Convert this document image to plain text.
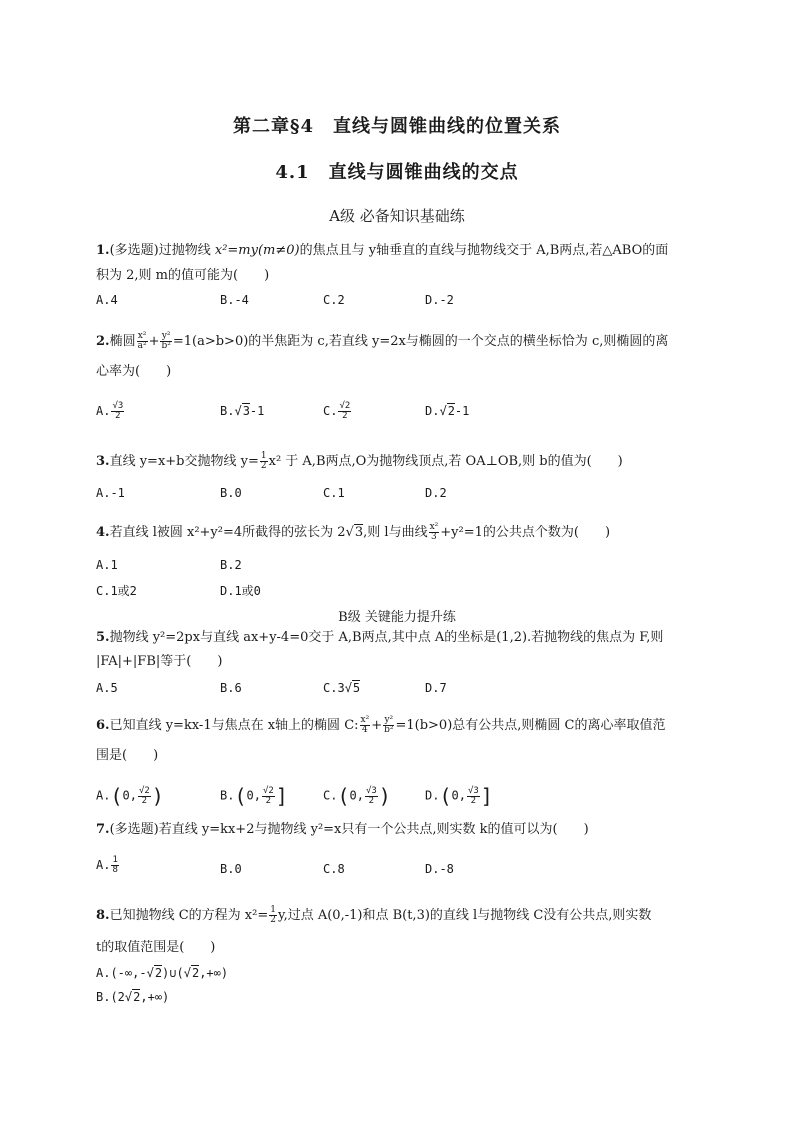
第二章§4　直线与圆锥曲线的位置关系
4.1　直线与圆锥曲线的交点
A级 必备知识基础练
1.(多选题)过抛物线 x²=my(m≠0)的焦点且与 y轴垂直的直线与抛物线交于 A,B两点,若△ABO的面
积为 2,则 m的值可能为(　　)
A.4	B.-4	C.2	D.-2
2.椭圆 $\frac{\text{x²}}{\text{a²}} + \frac{\text{y²}}{\text{b²}} =1(a>b>0)$的半焦距为 c,若直线 y=2x与椭圆的一个交点的横坐标恰为 c,则椭圆的离
心率为(　　)
A. $\frac{√3}{2}$	B.√3-1	C. $\frac{√2}{2}$	D.√2-1
3.直线 y=x+b交抛物线 $y= \frac{1}{2} x^2$ 于 A,B两点,O为抛物线顶点,若 OA⊥OB,则 b的值为(　　)
A.-1	B.0	C.1	D.2
4.若直线 l被圆 x²+y²=4所截得的弦长为 2√3,则 l与曲线 $\frac{\text{x²}}{3} +y^2=1$的公共点个数为(　　)
A.1	B.2
C.1或2	D.1或0
B级 关键能力提升练
5.抛物线 y²=2px与直线 ax+y-4=0交于 A,B两点,其中点 A的坐标是(1,2).若抛物线的焦点为 F,则
|FA|+|FB|等于(　　)
A.5	B.6	C.3√5	D.7
6.已知直线 y=kx-1与焦点在 x轴上的椭圆 C: $\frac{\text{x²}}{4} + \frac{\text{y²}}{\text{b²}} =1(b>0)$总有公共点,则椭圆 C的离心率取值范
围是(　　)
A.(0, $\frac{√2}{2}$ )	B.(0, $\frac{√2}{2}$ ]	C.(0, $\frac{√3}{2}$ )	D.(0, $\frac{√3}{2}$ ]
7.(多选题)若直线 y=kx+2与抛物线 y²=x只有一个公共点,则实数 k的值可以为(　　)
A. $\frac{1}{8}$	B.0	C.8	D.-8
8.已知抛物线 C的方程为 $x^2= \frac{1}{2} y$,过点 A(0,-1)和点 B(t,3)的直线 l与抛物线 C没有公共点,则实数
t的取值范围是(　　)
A.(-∞,-√2)∪(√2,+∞)
B.(2√2,+∞)
